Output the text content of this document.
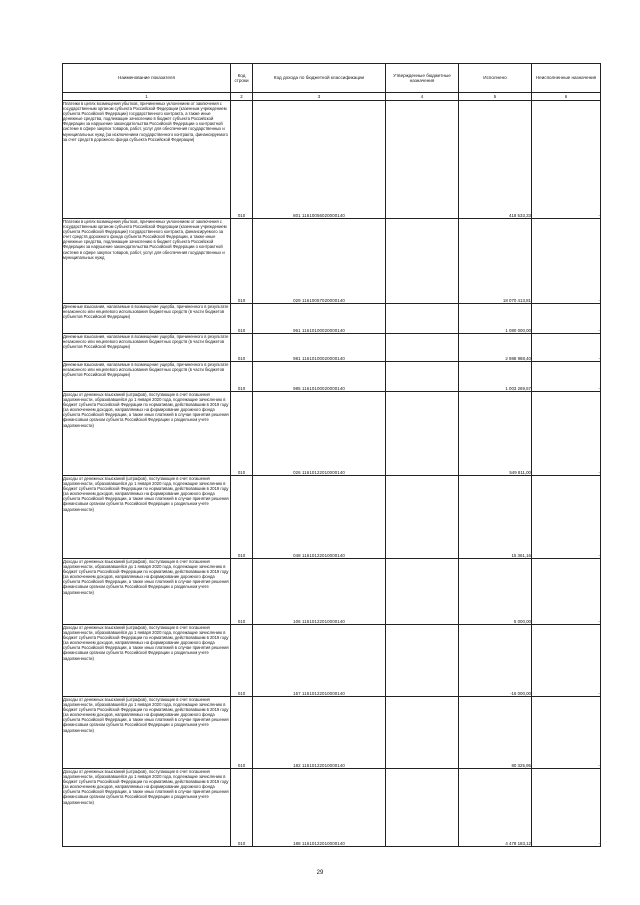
Наименование показателя	Код строки	Код дохода по бюджетной классификации	Утвержденные бюджетные назначения	Исполнено	Неисполненные назначения
1	2	3	4	5	6
Платежи в целях возмещения убытков, причиненных уклонением от заключения с государственным органом субъекта Российской Федерации (казенным учреждением субъекта Российской Федерации) государственного контракта, а также иные денежные средства, подлежащие зачислению в бюджет субъекта Российской Федерации за нарушение законодательства Российской Федерации о контрактной системе в сфере закупок товаров, работ, услуг для обеспечения государственных и муниципальных нужд (за исключением государственного контракта, финансируемого за счет средств дорожного фонда субъекта Российской Федерации)	010	801 11610056020000140		418 533,33	-
Платежи в целях возмещения убытков, причиненных уклонением от заключения с государственным органом субъекта Российской Федерации (казенным учреждением субъекта Российской Федерации) государственного контракта, финансируемого за счет средств дорожного фонда субъекта Российской Федерации, а также иные денежные средства, подлежащие зачислению в бюджет субъекта Российской Федерации за нарушение законодательства Российской Федерации о контрактной системе в сфере закупок товаров, работ, услуг для обеспечения государственных и муниципальных нужд	010	029 11610057020000140		18 070 413,81	-
Денежные взыскания, налагаемые в возмещение ущерба, причиненного в результате незаконного или нецелевого использования бюджетных средств (в части бюджетов субъектов Российской Федерации)	010	961 11610100020000140		1 080 000,00	-
Денежные взыскания, налагаемые в возмещение ущерба, причиненного в результате незаконного или нецелевого использования бюджетных средств (в части бюджетов субъектов Российской Федерации)	010	981 11610100020000140		2 988 988,40	-
Денежные взыскания, налагаемые в возмещение ущерба, причиненного в результате незаконного или нецелевого использования бюджетных средств (в части бюджетов субъектов Российской Федерации)	010	985 11610100020000140		1 003 269,57	-
Доходы от денежных взысканий (штрафов), поступающие в счет погашения задолженности, образовавшейся до 1 января 2020 года, подлежащие зачислению в бюджет субъекта Российской Федерации по нормативам, действовавшим в 2019 году (за исключением доходов, направляемых на формирование дорожного фонда субъекта Российской Федерации, а также иных платежей в случае принятия решения финансовым органом субъекта Российской Федерации о раздельном учете задолженности)	010	026 11610122010000140		549 811,00	-
Доходы от денежных взысканий (штрафов), поступающие в счет погашения задолженности, образовавшейся до 1 января 2020 года, подлежащие зачислению в бюджет субъекта Российской Федерации по нормативам, действовавшим в 2019 году (за исключением доходов, направляемых на формирование дорожного фонда субъекта Российской Федерации, а также иных платежей в случае принятия решения финансовым органом субъекта Российской Федерации о раздельном учете задолженности)	010	048 11610122010000140		15 361,16	-
Доходы от денежных взысканий (штрафов), поступающие в счет погашения задолженности, образовавшейся до 1 января 2020 года, подлежащие зачислению в бюджет субъекта Российской Федерации по нормативам, действовавшим в 2019 году (за исключением доходов, направляемых на формирование дорожного фонда субъекта Российской Федерации, а также иных платежей в случае принятия решения финансовым органом субъекта Российской Федерации о раздельном учете задолженности)	010	106 11610122010000140		5 000,00	-
Доходы от денежных взысканий (штрафов), поступающие в счет погашения задолженности, образовавшейся до 1 января 2020 года, подлежащие зачислению в бюджет субъекта Российской Федерации по нормативам, действовавшим в 2019 году (за исключением доходов, направляемых на формирование дорожного фонда субъекта Российской Федерации, а также иных платежей в случае принятия решения финансовым органом субъекта Российской Федерации о раздельном учете задолженности)	010	157 11610122010000140		-16 000,00	-
Доходы от денежных взысканий (штрафов), поступающие в счет погашения задолженности, образовавшейся до 1 января 2020 года, подлежащие зачислению в бюджет субъекта Российской Федерации по нормативам, действовавшим в 2019 году (за исключением доходов, направляемых на формирование дорожного фонда субъекта Российской Федерации, а также иных платежей в случае принятия решения финансовым органом субъекта Российской Федерации о раздельном учете задолженности)	010	182 11610122010000140		80 325,95	-
Доходы от денежных взысканий (штрафов), поступающие в счет погашения задолженности, образовавшейся до 1 января 2020 года, подлежащие зачислению в бюджет субъекта Российской Федерации по нормативам, действовавшим в 2019 году (за исключением доходов, направляемых на формирование дорожного фонда субъекта Российской Федерации, а также иных платежей в случае принятия решения финансовым органом субъекта Российской Федерации о раздельном учете задолженности)	010	188 11610122010000140		4 478 183,12	-
29
